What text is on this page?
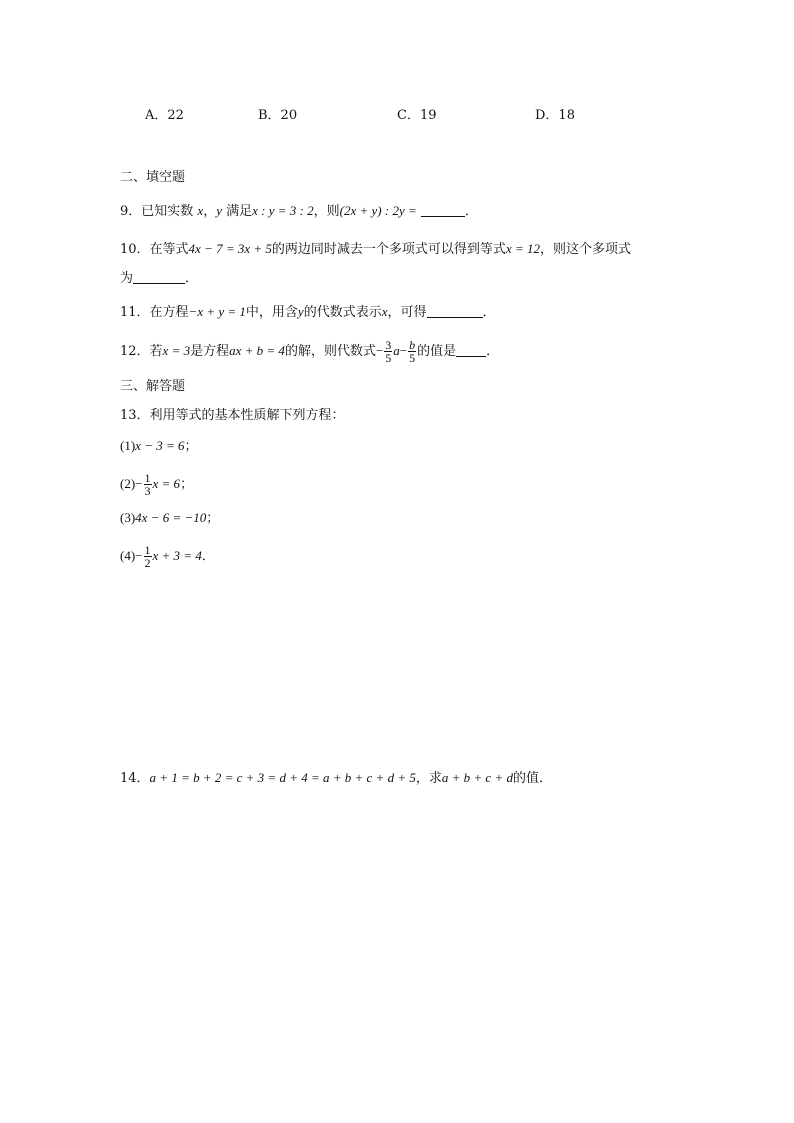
A．22	B．20	C．19	D．18
二、填空题
9．已知实数 x，y 满足x : y = 3 : 2，则(2x + y) : 2y =	．
10．在等式4x − 7 = 3x + 5的两边同时减去一个多项式可以得到等式x = 12，则这个多项式
为	．
11．在方程−x + y = 1中，用含y的代数式表示x，可得	．
12．若x = 3是方程ax + b = 4的解，则代数式− $\frac{3}{5} a- \frac{b}{5}$ 的值是 ．
三、解答题
13．利用等式的基本性质解下列方程：
(1)x − 3 = 6；
$(2)- \frac{1}{3}$ x = 6；
(3)4x − 6 = −10；
$(4)- \frac{1}{2}$ x + 3 = 4．
14．a + 1 = b + 2 = c + 3 = d + 4 = a + b + c + d + 5，求a + b + c + d的值．
